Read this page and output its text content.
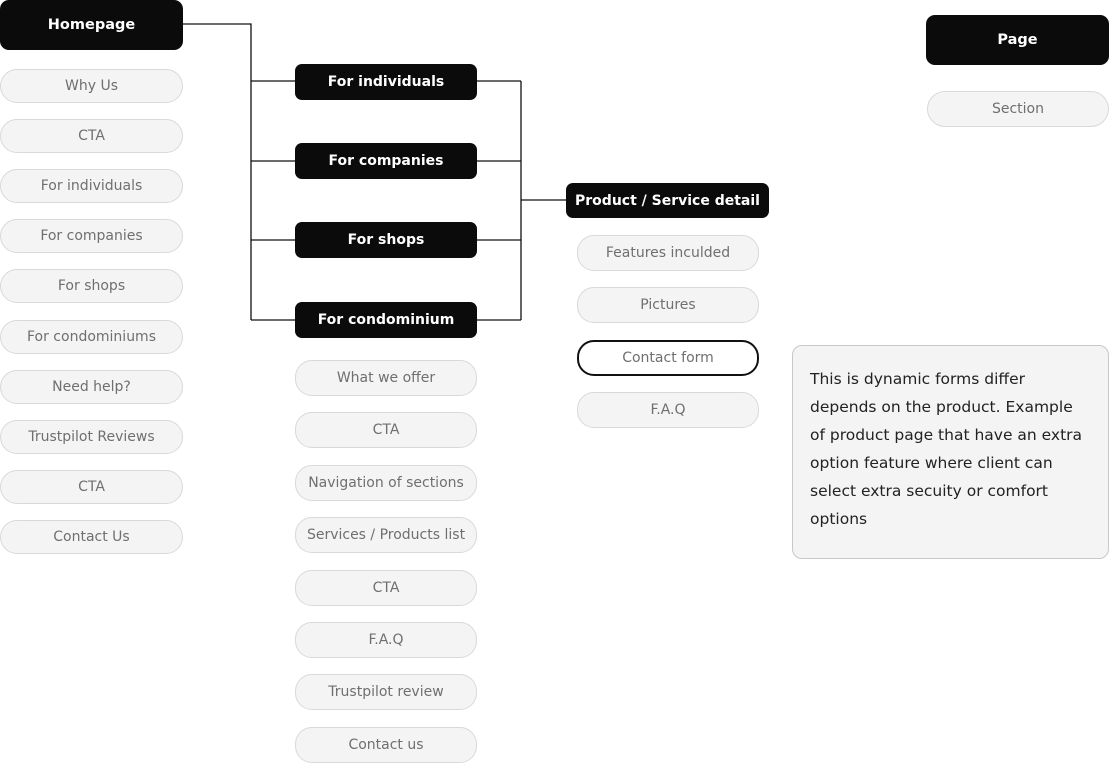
Page
Section
Homepage
Why Us
CTA
For individuals
For companies
For shops
For condominiums
Need help?
Trustpilot Reviews
CTA
Contact Us
For individuals
For companies
For shops
For condominium
What we offer
CTA
Navigation of sections
Services / Products list
CTA
F.A.Q
Trustpilot review
Contact us
Product / Service detail
Features inculded
Pictures
Contact form
F.A.Q
This is dynamic forms differ depends on the product. Example of product page that have an extra option feature where client can select extra secuity or comfort options
